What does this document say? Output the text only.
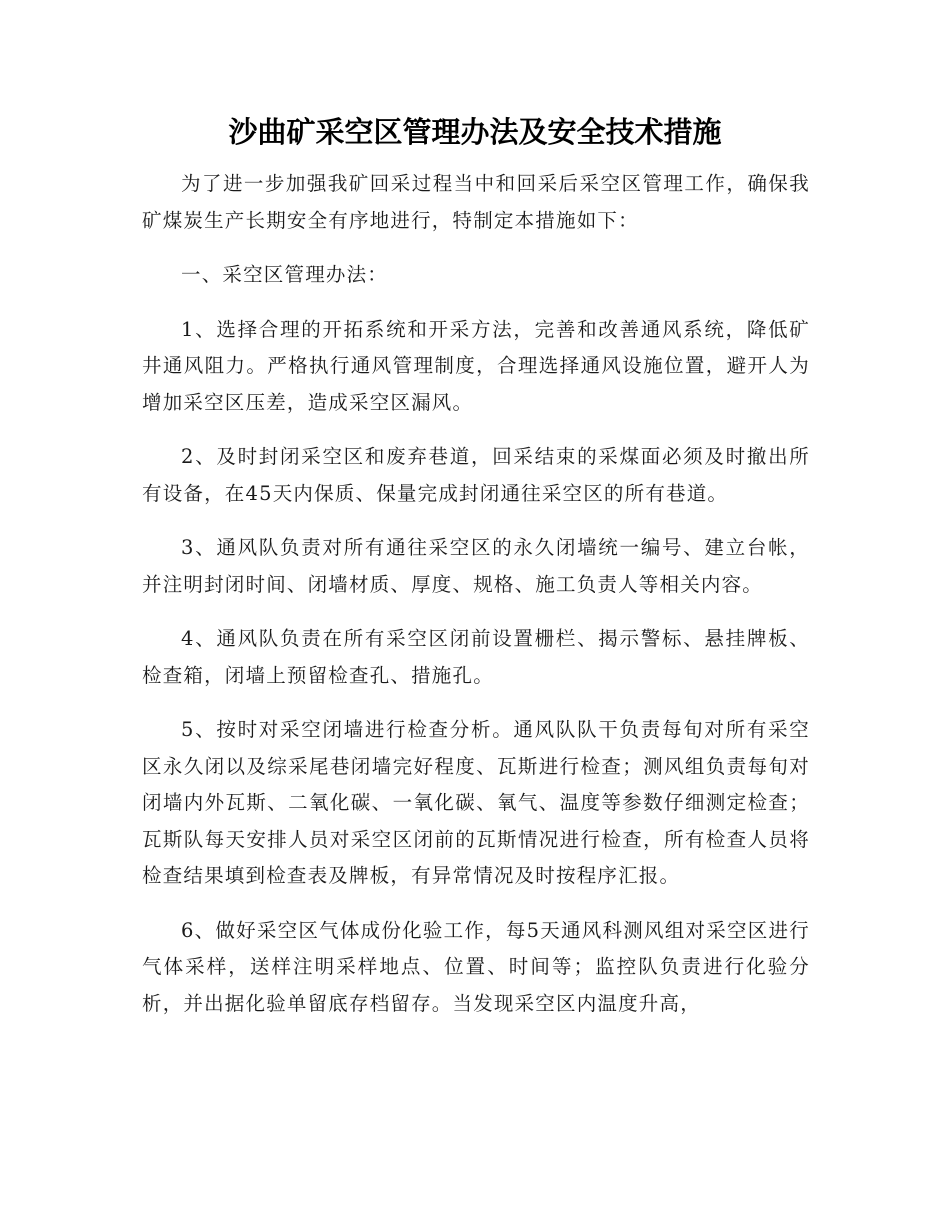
沙曲矿采空区管理办法及安全技术措施

为了进一步加强我矿回采过程当中和回采后采空区管理工作，确保我矿煤炭生产长期安全有序地进行，特制定本措施如下：

一、采空区管理办法：

1、选择合理的开拓系统和开采方法，完善和改善通风系统，降低矿井通风阻力。严格执行通风管理制度，合理选择通风设施位置，避开人为增加采空区压差，造成采空区漏风。

2、及时封闭采空区和废弃巷道，回采结束的采煤面必须及时撤出所有设备，在45天内保质、保量完成封闭通往采空区的所有巷道。

3、通风队负责对所有通往采空区的永久闭墙统一编号、建立台帐，并注明封闭时间、闭墙材质、厚度、规格、施工负责人等相关内容。

4、通风队负责在所有采空区闭前设置栅栏、揭示警标、悬挂牌板、检查箱，闭墙上预留检查孔、措施孔。

5、按时对采空闭墙进行检查分析。通风队队干负责每旬对所有采空区永久闭以及综采尾巷闭墙完好程度、瓦斯进行检查；测风组负责每旬对闭墙内外瓦斯、二氧化碳、一氧化碳、氧气、温度等参数仔细测定检查；瓦斯队每天安排人员对采空区闭前的瓦斯情况进行检查，所有检查人员将检查结果填到检查表及牌板，有异常情况及时按程序汇报。

6、做好采空区气体成份化验工作，每5天通风科测风组对采空区进行气体采样，送样注明采样地点、位置、时间等；监控队负责进行化验分析，并出据化验单留底存档留存。当发现采空区内温度升高，
